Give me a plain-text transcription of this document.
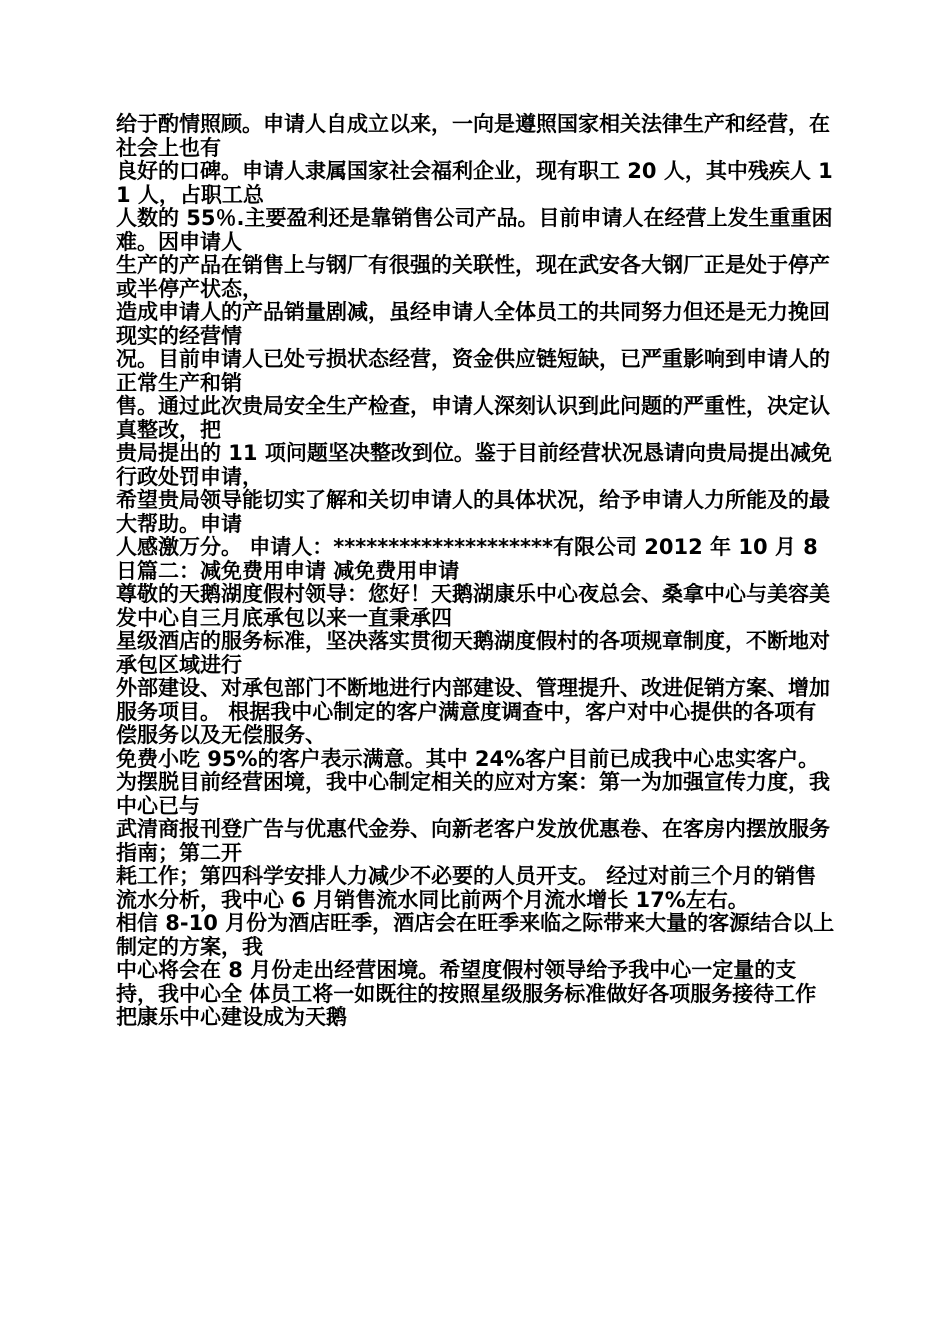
给于酌情照顾。申请人自成立以来，一向是遵照国家相关法律生产和经营，在社会上也有

良好的口碑。申请人隶属国家社会福利企业，现有职工 20 人，其中残疾人 11 人，占职工总

人数的 55％.主要盈利还是靠销售公司产品。目前申请人在经营上发生重重困难。因申请人

生产的产品在销售上与钢厂有很强的关联性，现在武安各大钢厂正是处于停产或半停产状态，

造成申请人的产品销量剧减，虽经申请人全体员工的共同努力但还是无力挽回现实的经营情

况。目前申请人已处亏损状态经营，资金供应链短缺，已严重影响到申请人的正常生产和销

售。通过此次贵局安全生产检查，申请人深刻认识到此问题的严重性，决定认真整改，把

贵局提出的 11 项问题坚决整改到位。鉴于目前经营状况恳请向贵局提出减免行政处罚申请，

希望贵局领导能切实了解和关切申请人的具体状况，给予申请人力所能及的最大帮助。申请

人感激万分。 申请人：********************有限公司 2012 年 10 月 8 日篇二：减免费用申请 减免费用申请

尊敬的天鹅湖度假村领导：您好！天鹅湖康乐中心夜总会、桑拿中心与美容美发中心自三月底承包以来一直秉承四

星级酒店的服务标准，坚决落实贯彻天鹅湖度假村的各项规章制度，不断地对承包区域进行

外部建设、对承包部门不断地进行内部建设、管理提升、改进促销方案、增加服务项目。 根据我中心制定的客户满意度调查中，客户对中心提供的各项有偿服务以及无偿服务、

免费小吃 95%的客户表示满意。其中 24%客户目前已成我中心忠实客户。 为摆脱目前经营困境，我中心制定相关的应对方案：第一为加强宣传力度，我中心已与

武清商报刊登广告与优惠代金券、向新老客户发放优惠卷、在客房内摆放服务指南；第二开

耗工作；第四科学安排人力减少不必要的人员开支。 经过对前三个月的销售流水分析，我中心 6 月销售流水同比前两个月流水增长 17%左右。

相信 8-10 月份为酒店旺季，酒店会在旺季来临之际带来大量的客源结合以上制定的方案，我

中心将会在 8 月份走出经营困境。希望度假村领导给予我中心一定量的支持，我中心全 体员工将一如既往的按照星级服务标准做好各项服务接待工作把康乐中心建设成为天鹅
